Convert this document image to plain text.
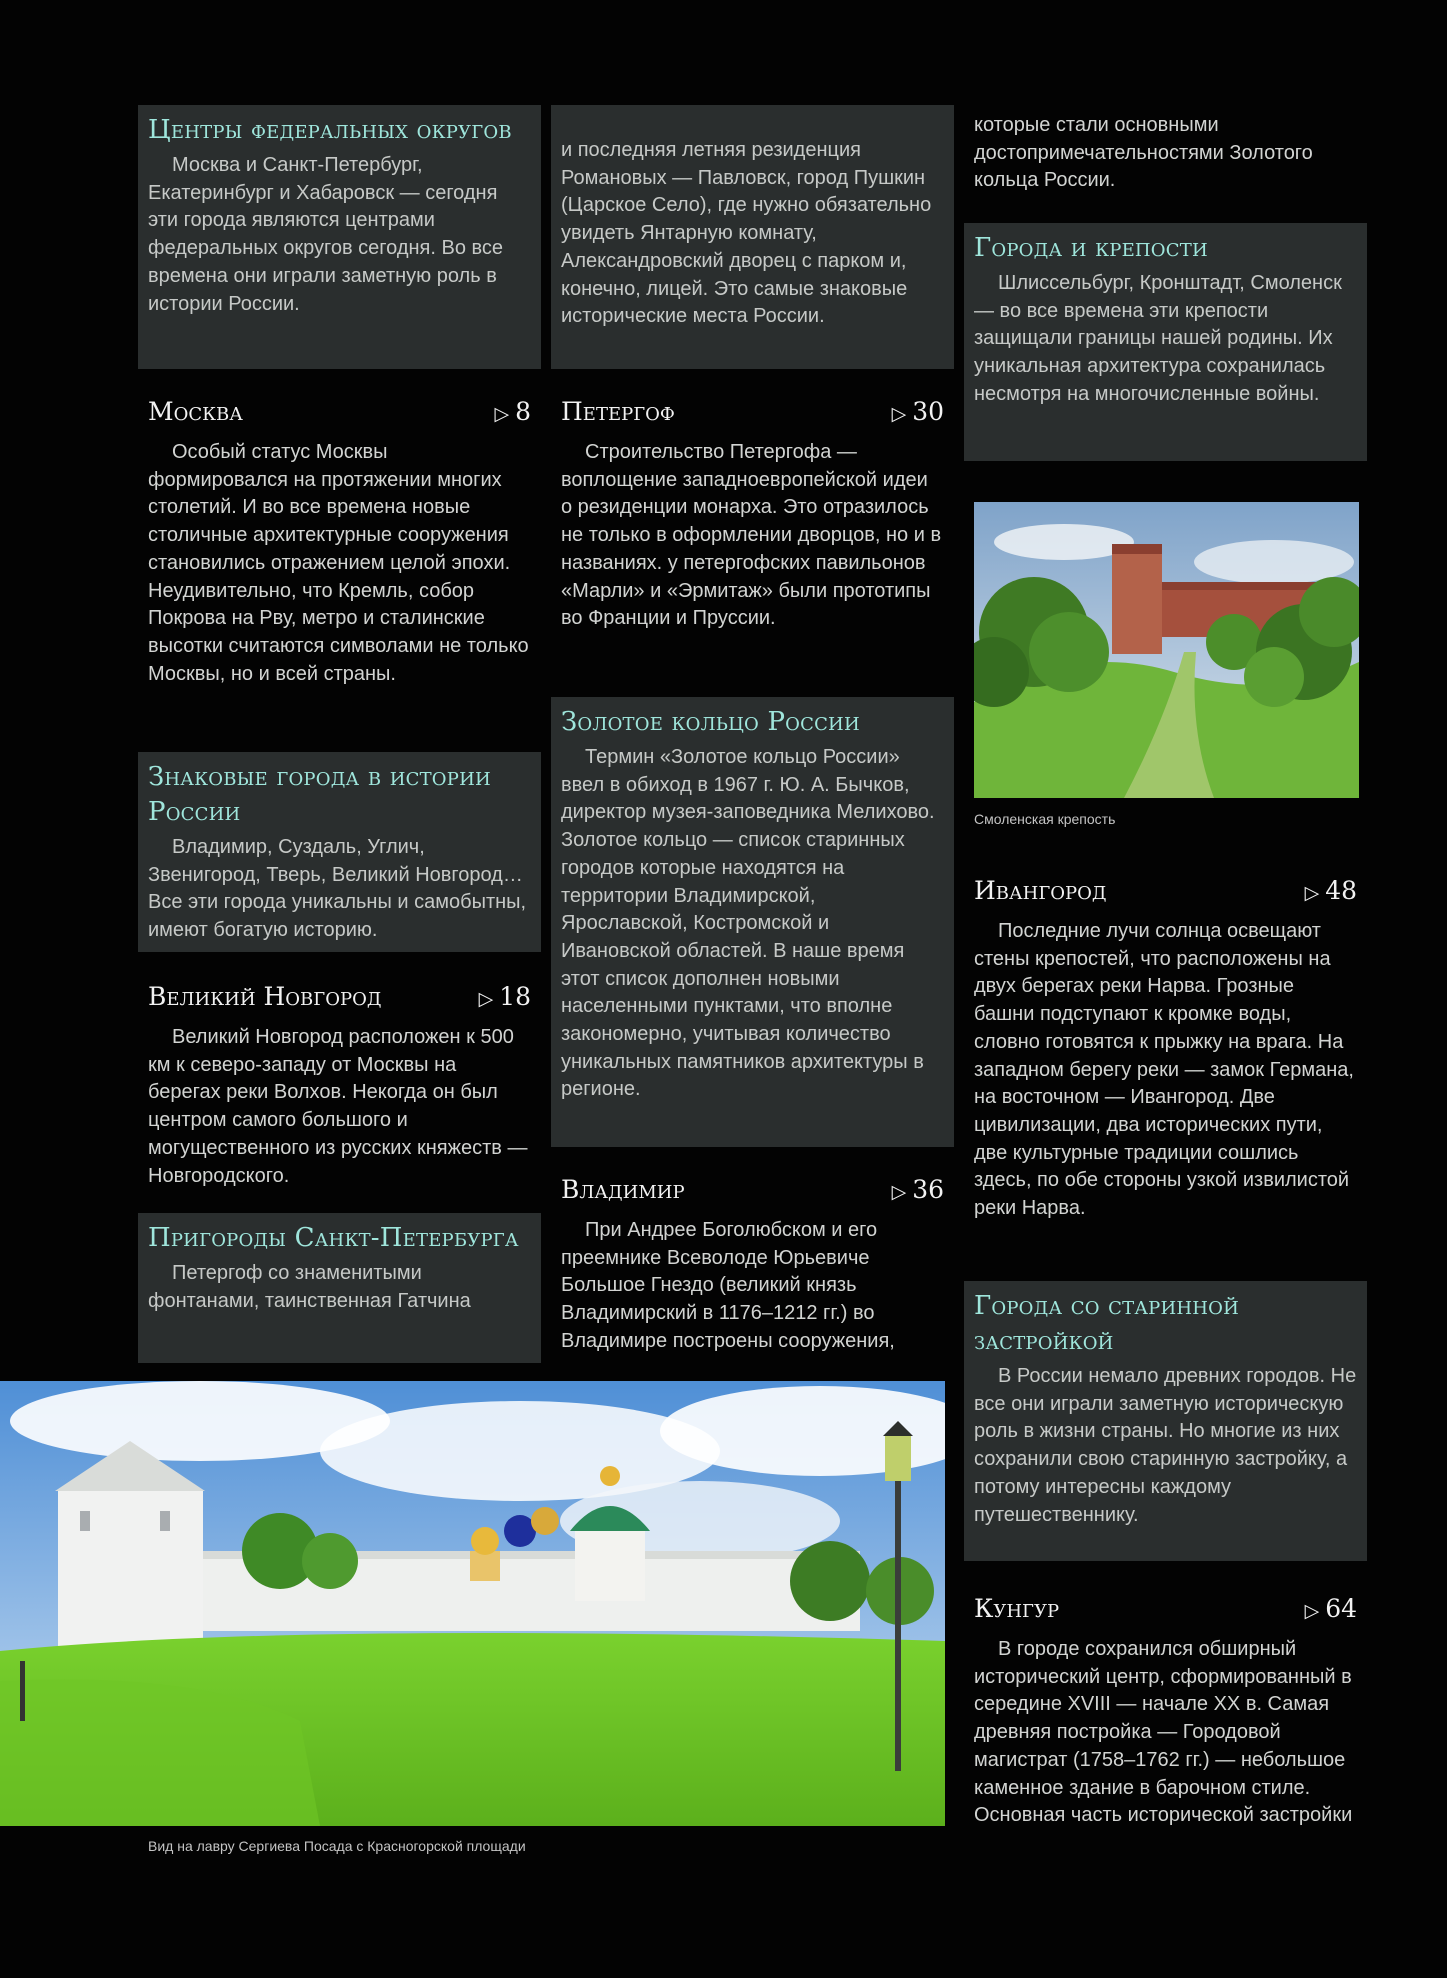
Центры федеральных округов

Москва и Санкт-Петербург, Екатеринбург и Хабаровск — сегодня эти города являются центрами федеральных округов сегодня. Во все времена они играли заметную роль в истории России.

Москва	▷ 8

Особый статус Москвы формировался на протяжении многих столетий. И во все времена новые столичные архитектурные сооружения становились отражением целой эпохи. Неудивительно, что Кремль, собор Покрова на Рву, метро и сталинские высотки считаются символами не только Москвы, но и всей страны.

Знаковые города в истории России

Владимир, Суздаль, Углич, Звенигород, Тверь, Великий Новгород… Все эти города уникальны и самобытны, имеют богатую историю.

Великий Новгород	▷ 18

Великий Новгород расположен к 500 км к северо-западу от Москвы на берегах реки Волхов. Некогда он был центром самого большого и могущественного из русских княжеств — Новгородского.

Пригороды Санкт-Петербурга

Петергоф со знаменитыми фонтанами, таинственная Гатчина

и последняя летняя резиденция Романовых — Павловск, город Пушкин (Царское Село), где нужно обязательно увидеть Янтарную комнату, Александровский дворец с парком и, конечно, лицей. Это самые знаковые исторические места России.

Петергоф	▷ 30

Строительство Петергофа — воплощение западноевропейской идеи о резиденции монарха. Это отразилось не только в оформлении дворцов, но и в названиях. у петергофских павильонов «Марли» и «Эрмитаж» были прототипы во Франции и Пруссии.

Золотое кольцо России

Термин «Золотое кольцо России» ввел в обиход в 1967 г. Ю. А. Бычков, директор музея-заповедника Мелихово. Золотое кольцо — список старинных городов которые находятся на территории Владимирской, Ярославской, Костромской и Ивановской областей. В наше время этот список дополнен новыми населенными пунктами, что вполне закономерно, учитывая количество уникальных памятников архитектуры в регионе.

Владимир	▷ 36

При Андрее Боголюбском и его преемнике Всеволоде Юрьевиче Большое Гнездо (великий князь Владимирский в 1176–1212 гг.) во Владимире построены сооружения,

которые стали основными достопримечательностями Золотого кольца России.

Города и крепости

Шлиссельбург, Кронштадт, Смоленск — во все времена эти крепости защищали границы нашей родины. Их уникальная архитектура сохранилась несмотря на многочисленные войны.

Смоленская крепость
Ивангород	▷ 48

Последние лучи солнца освещают стены крепостей, что расположены на двух берегах реки Нарва. Грозные башни подступают к кромке воды, словно готовятся к прыжку на врага. На западном берегу реки — замок Германа, на восточном — Ивангород. Две цивилизации, два исторических пути, две культурные традиции сошлись здесь, по обе стороны узкой извилистой реки Нарва.

Города со старинной застройкой

В России немало древних городов. Не все они играли заметную историческую роль в жизни страны. Но многие из них сохранили свою старинную застройку, а потому интересны каждому путешественнику.

Кунгур	▷ 64

В городе сохранился обширный исторический центр, сформированный в середине XVIII — начале XX в. Самая древняя постройка — Городовой магистрат (1758–1762 гг.) — небольшое каменное здание в барочном стиле. Основная часть исторической застройки

Вид на лавру Сергиева Посада с Красногорской площади
